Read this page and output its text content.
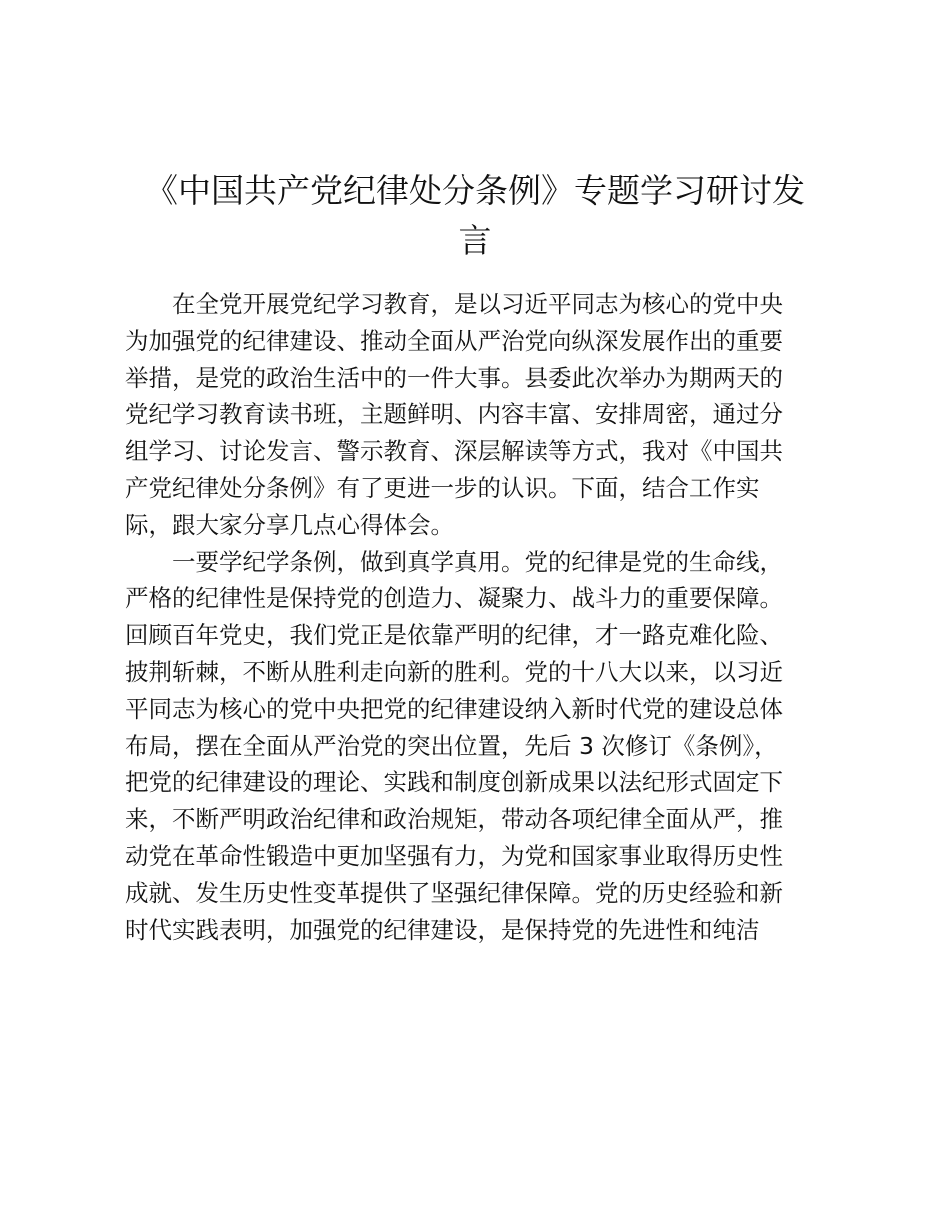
《中国共产党纪律处分条例》专题学习研讨发
言

在全党开展党纪学习教育，是以习近平同志为核心的党中央
为加强党的纪律建设、推动全面从严治党向纵深发展作出的重要
举措，是党的政治生活中的一件大事。县委此次举办为期两天的
党纪学习教育读书班，主题鲜明、内容丰富、安排周密，通过分
组学习、讨论发言、警示教育、深层解读等方式，我对《中国共
产党纪律处分条例》有了更进一步的认识。下面，结合工作实
际，跟大家分享几点心得体会。

一要学纪学条例，做到真学真用。党的纪律是党的生命线，
严格的纪律性是保持党的创造力、凝聚力、战斗力的重要保障。
回顾百年党史，我们党正是依靠严明的纪律，才一路克难化险、
披荆斩棘，不断从胜利走向新的胜利。党的十八大以来，以习近
平同志为核心的党中央把党的纪律建设纳入新时代党的建设总体
布局，摆在全面从严治党的突出位置，先后 3 次修订《条例》，
把党的纪律建设的理论、实践和制度创新成果以法纪形式固定下
来，不断严明政治纪律和政治规矩，带动各项纪律全面从严，推
动党在革命性锻造中更加坚强有力，为党和国家事业取得历史性
成就、发生历史性变革提供了坚强纪律保障。党的历史经验和新
时代实践表明，加强党的纪律建设，是保持党的先进性和纯洁
